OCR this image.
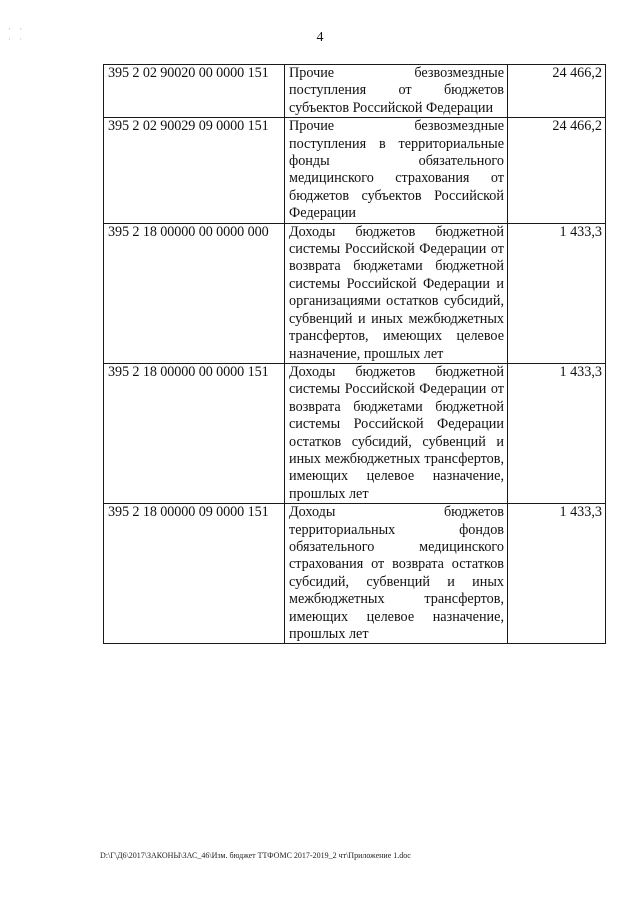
· ·
· ·	4
395 2 02 90020 00 0000 151	Прочие безвозмездные поступления от бюджетов субъектов Российской Федерации	24 466,2
395 2 02 90029 09 0000 151	Прочие безвозмездные поступления в территориальные фонды обязательного медицинского страхования от бюджетов субъектов Российской Федерации	24 466,2
395 2 18 00000 00 0000 000	Доходы бюджетов бюджетной системы Российской Федерации от возврата бюджетами бюджетной системы Российской Федерации и организациями остатков субсидий, субвенций и иных межбюджетных трансфертов, имеющих целевое назначение, прошлых лет	1 433,3
395 2 18 00000 00 0000 151	Доходы бюджетов бюджетной системы Российской Федерации от возврата бюджетами бюджетной системы Российской Федерации остатков субсидий, субвенций и иных межбюджетных трансфертов, имеющих целевое назначение, прошлых лет	1 433,3
395 2 18 00000 09 0000 151	Доходы бюджетов территориальных фондов обязательного медицинского страхования от возврата остатков субсидий, субвенций и иных межбюджетных трансфертов, имеющих целевое назначение, прошлых лет	1 433,3
D:\Г\Д6\2017\ЗАКОНЫ\ЗАС_46\Изм. бюджет ТТФОМС 2017-2019_2 чт\Приложение 1.doc
